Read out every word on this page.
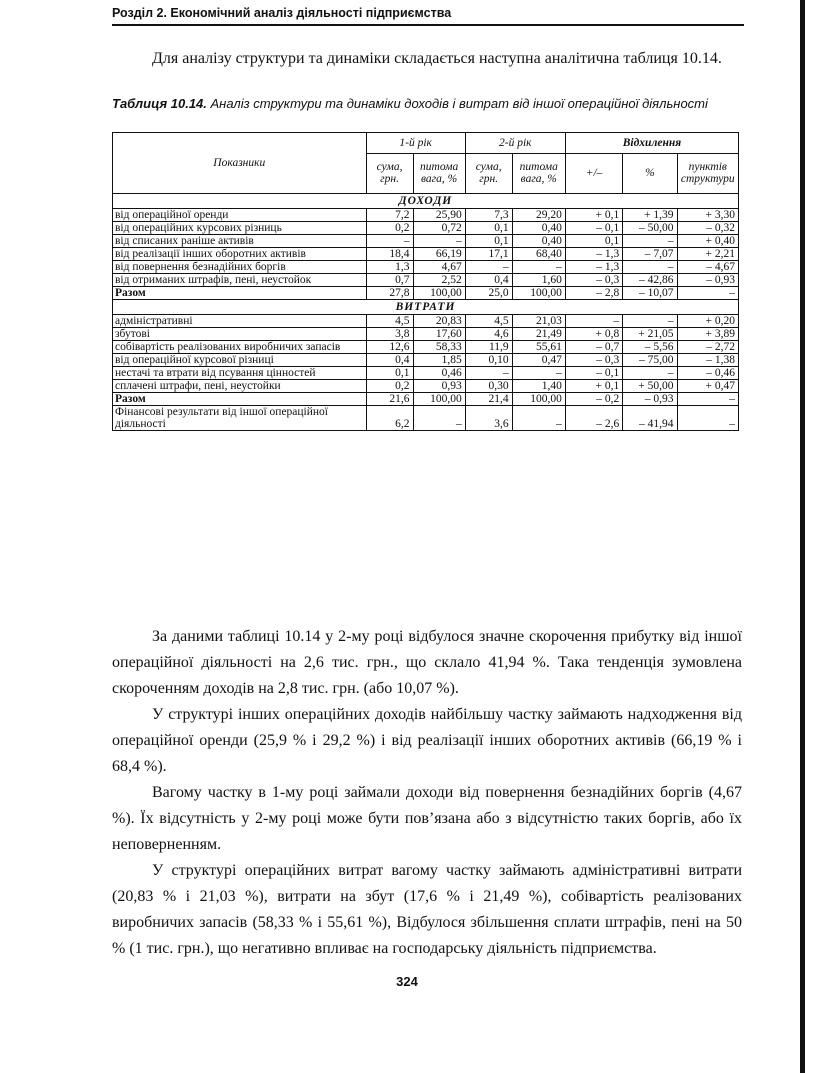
Розділ 2. Економічний аналіз діяльності підприємства
Для аналізу структури та динаміки складається наступна аналітична таблиця 10.14.
Таблиця 10.14. Аналіз структури та динаміки доходів і витрат від іншої операційної діяльності
Показники	1-й рік		2-й рік		Відхилення		
	сума, грн.	питома вага, %	сума, грн.	питома вага, %	+/–	%	пунктів структури
ДОХОДИ							
від операційної оренди	7,2	25,90	7,3	29,20	+ 0,1	+ 1,39	+ 3,30
від операційних курсових різниць	0,2	0,72	0,1	0,40	– 0,1	– 50,00	– 0,32
від списаних раніше активів	–	–	0,1	0,40	0,1	–	+ 0,40
від реалізації інших оборотних активів	18,4	66,19	17,1	68,40	– 1,3	– 7,07	+ 2,21
від повернення безнадійних боргів	1,3	4,67	–	–	– 1,3	–	– 4,67
від отриманих штрафів, пені, неустойок	0,7	2,52	0,4	1,60	– 0,3	– 42,86	– 0,93
Разом	27,8	100,00	25,0	100,00	– 2,8	– 10,07	–
ВИТРАТИ							
адміністративні	4,5	20,83	4,5	21,03	–	–	+ 0,20
збутові	3,8	17,60	4,6	21,49	+ 0,8	+ 21,05	+ 3,89
собівартість реалізованих виробничих запасів	12,6	58,33	11,9	55,61	– 0,7	– 5,56	– 2,72
від операційної курсової різниці	0,4	1,85	0,10	0,47	– 0,3	– 75,00	– 1,38
нестачі та втрати від псування цінностей	0,1	0,46	–	–	– 0,1	–	– 0,46
сплачені штрафи, пені, неустойки	0,2	0,93	0,30	1,40	+ 0,1	+ 50,00	+ 0,47
Разом	21,6	100,00	21,4	100,00	– 0,2	– 0,93	–
Фінансові результати від іншої операційної діяльності	6,2	–	3,6	–	– 2,6	– 41,94	–
За даними таблиці 10.14 у 2-му році відбулося значне скорочення прибутку від іншої операційної діяльності на 2,6 тис. грн., що склало 41,94 %. Така тенденція зумовлена скороченням доходів на 2,8 тис. грн. (або 10,07 %).
У структурі інших операційних доходів найбільшу частку займають надходження від операційної оренди (25,9 % і 29,2 %) і від реалізації інших оборотних активів (66,19 % і 68,4 %).
Вагому частку в 1-му році займали доходи від повернення безнадійних боргів (4,67 %). Їх відсутність у 2-му році може бути пов’язана або з відсутністю таких боргів, або їх неповерненням.
У структурі операційних витрат вагому частку займають адміністративні витрати (20,83 % і 21,03 %), витрати на збут (17,6 % і 21,49 %), собівартість реалізованих виробничих запасів (58,33 % і 55,61 %), Відбулося збільшення сплати штрафів, пені на 50 % (1 тис. грн.), що негативно впливає на господарську діяльність підприємства.
324
